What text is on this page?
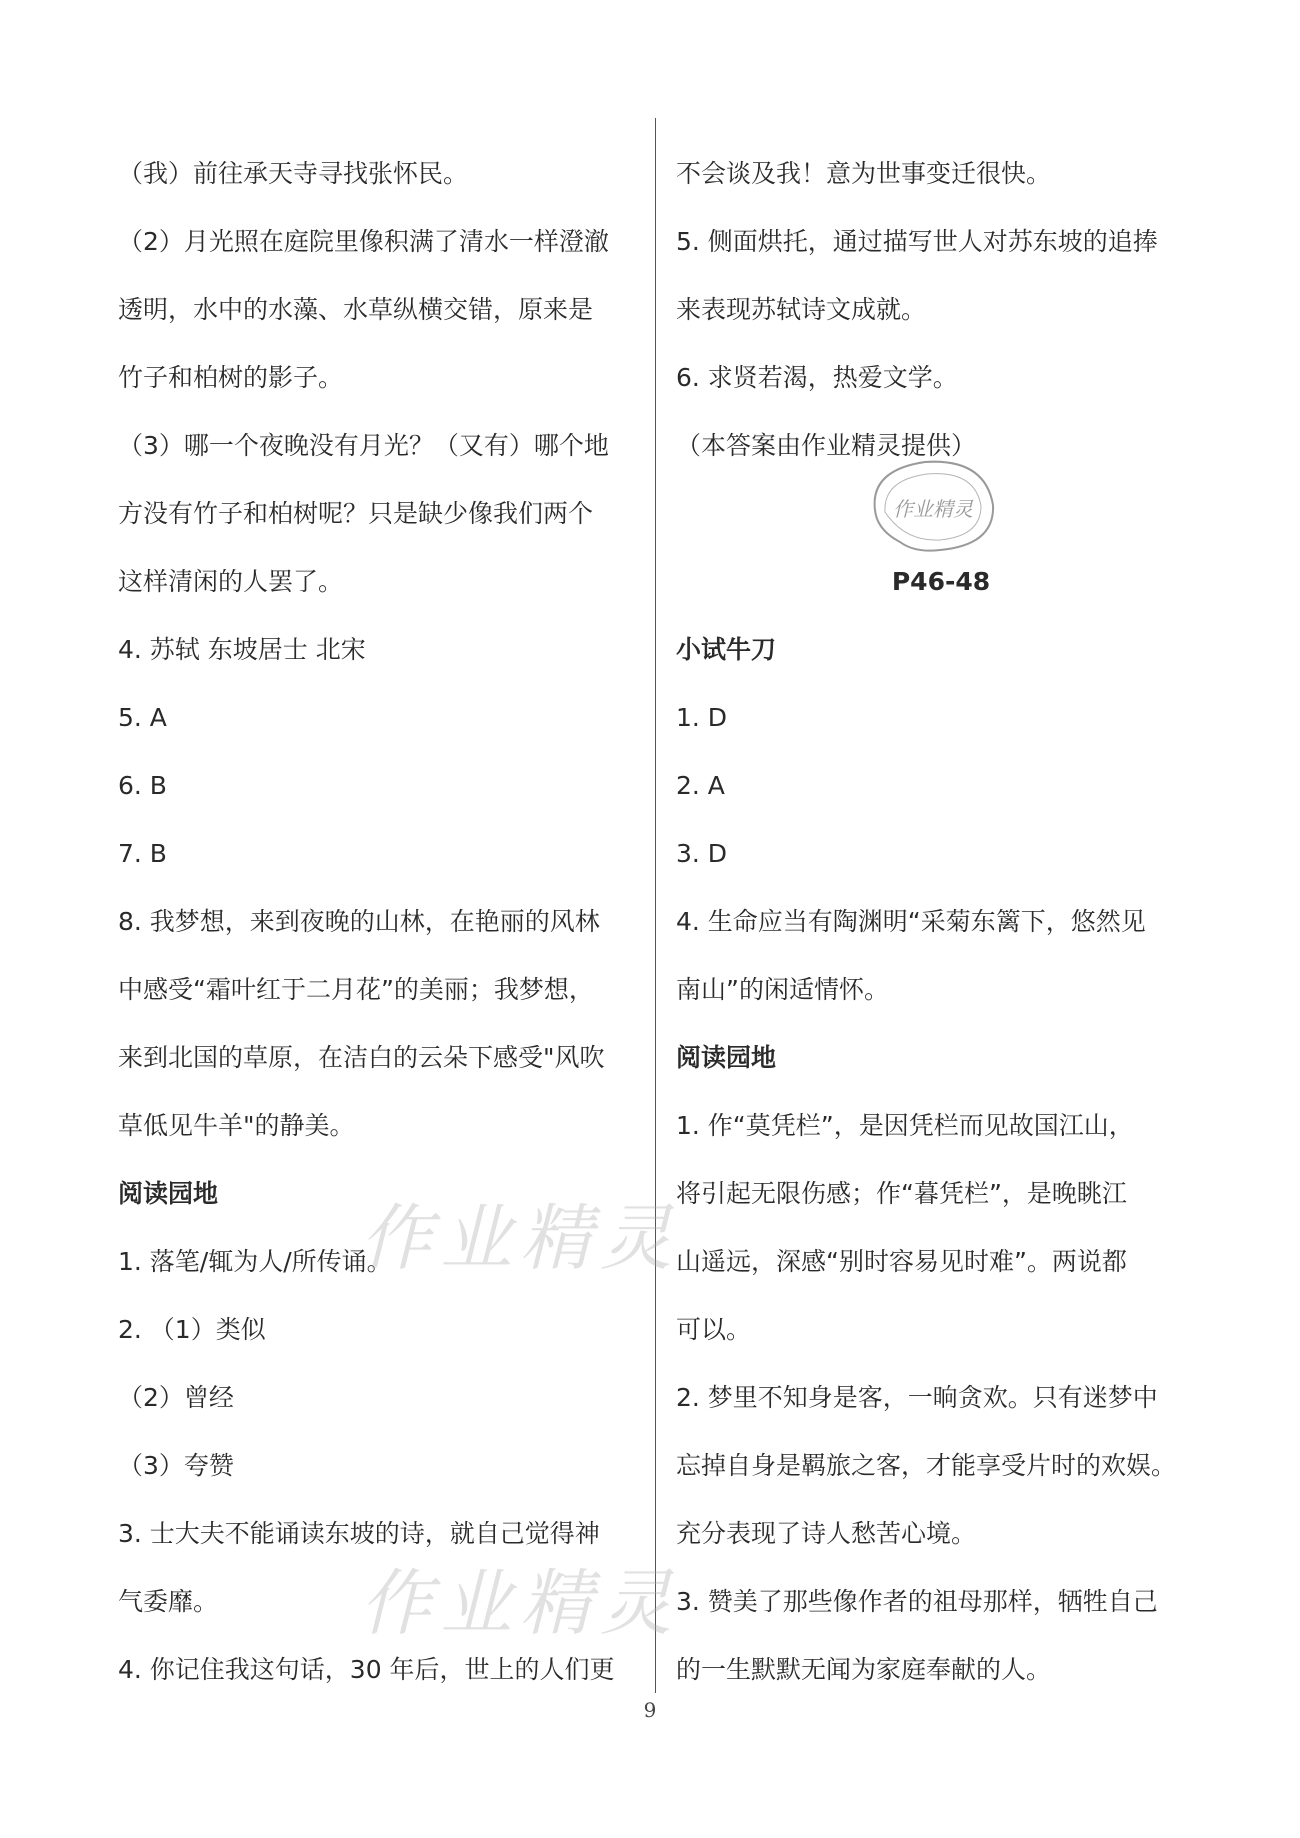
（我）前往承天寺寻找张怀民。
（2）月光照在庭院里像积满了清水一样澄澈
透明，水中的水藻、水草纵横交错，原来是
竹子和柏树的影子。
（3）哪一个夜晚没有月光？（又有）哪个地
方没有竹子和柏树呢？只是缺少像我们两个
这样清闲的人罢了。
4. 苏轼 东坡居士 北宋
5. A
6. B
7. B
8. 我梦想，来到夜晚的山林，在艳丽的风林
中感受“霜叶红于二月花”的美丽；我梦想，
来到北国的草原，在洁白的云朵下感受"风吹
草低见牛羊"的静美。
阅读园地
1. 落笔/辄为人/所传诵。
2. （1）类似
（2）曾经
（3）夸赞
3. 士大夫不能诵读东坡的诗，就自己觉得神
气委靡。
4. 你记住我这句话，30 年后，世上的人们更
不会谈及我！意为世事变迁很快。
5. 侧面烘托，通过描写世人对苏东坡的追捧
来表现苏轼诗文成就。
6. 求贤若渴，热爱文学。
（本答案由作业精灵提供）
P46-48
小试牛刀
1. D
2. A
3. D
4. 生命应当有陶渊明“采菊东篱下，悠然见
南山”的闲适情怀。
阅读园地
1. 作“莫凭栏”，是因凭栏而见故国江山，
将引起无限伤感；作“暮凭栏”，是晚眺江
山遥远，深感“别时容易见时难”。两说都
可以。
2. 梦里不知身是客，一晌贪欢。只有迷梦中
忘掉自身是羁旅之客，才能享受片时的欢娱。
充分表现了诗人愁苦心境。
3. 赞美了那些像作者的祖母那样，牺牲自己
的一生默默无闻为家庭奉献的人。
作业精灵
作业精灵
作业精灵
9
